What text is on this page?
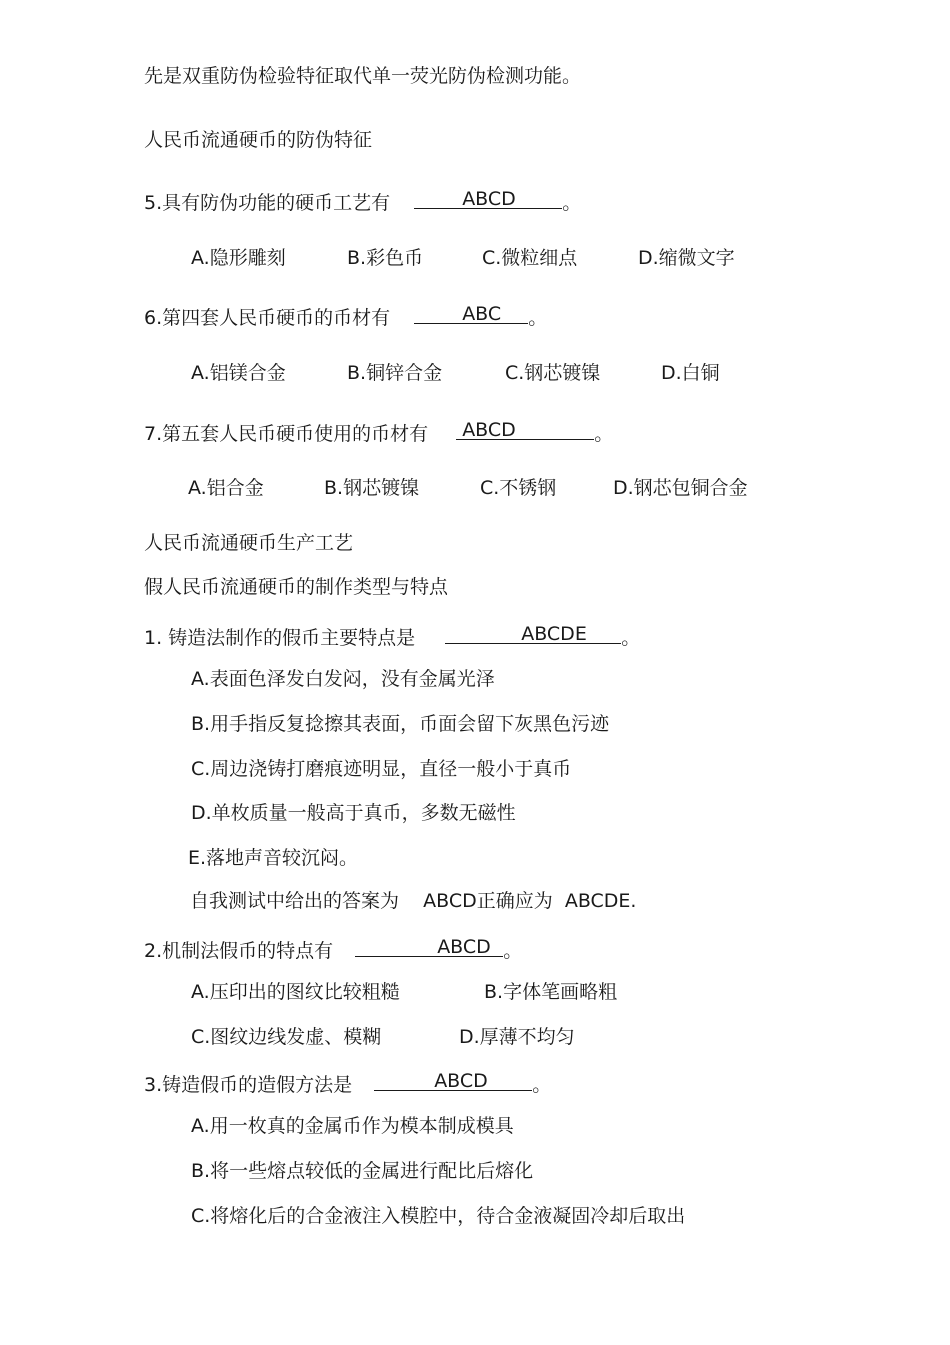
先是双重防伪检验特征取代单一荧光防伪检测功能。
人民币流通硬币的防伪特征
5.具有防伪功能的硬币工艺有	ABCD 。
A.隐形雕刻	B.彩色币	C.微粒细点	D.缩微文字
6.第四套人民币硬币的币材有	ABC 。
A.铝镁合金	B.铜锌合金	C.钢芯镀镍	D.白铜
7.第五套人民币硬币使用的币材有 ABCD	。
A.铝合金	B.钢芯镀镍	C.不锈钢	D.钢芯包铜合金
人民币流通硬币生产工艺
假人民币流通硬币的制作类型与特点
1. 铸造法制作的假币主要特点是	ABCDE 。
A.表面色泽发白发闷，没有金属光泽
B.用手指反复捻擦其表面，币面会留下灰黑色污迹
C.周边浇铸打磨痕迹明显，直径一般小于真币
D.单枚质量一般高于真币，多数无磁性
E.落地声音较沉闷。
自我测试中给出的答案为    ABCD正确应为  ABCDE.
2.机制法假币的特点有	ABCD 。
A.压印出的图纹比较粗糙	B.字体笔画略粗
C.图纹边线发虚、模糊	D.厚薄不均匀
3.铸造假币的造假方法是	ABCD 。
A.用一枚真的金属币作为模本制成模具
B.将一些熔点较低的金属进行配比后熔化
C.将熔化后的合金液注入模腔中，待合金液凝固冷却后取出
